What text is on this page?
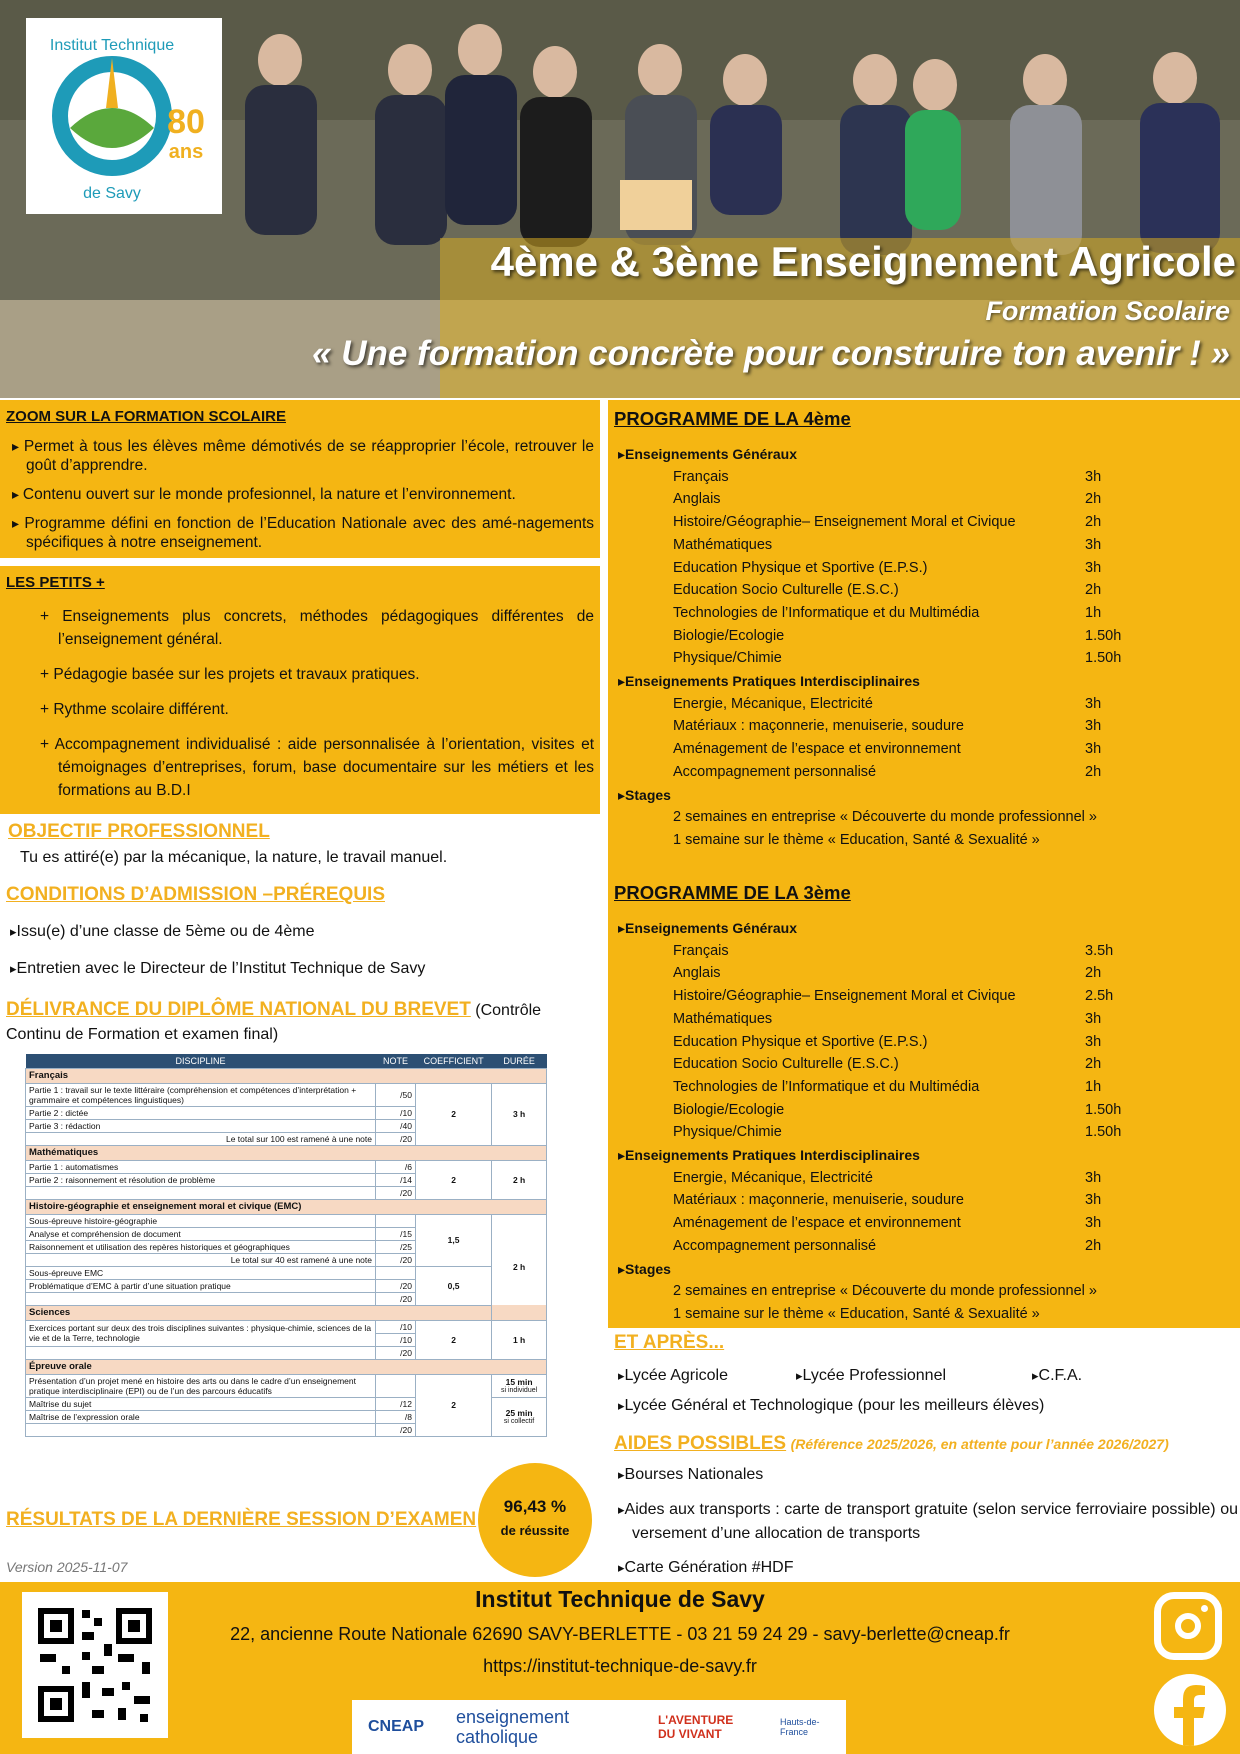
80
ans
Institut Technique
de Savy
4ème & 3ème Enseignement Agricole
Formation Scolaire
« Une formation concrète pour construire ton avenir ! »
ZOOM SUR LA FORMATION SCOLAIRE
▸ Permet à tous les élèves même démotivés de se réapproprier l’école, retrouver le goût d’apprendre.
▸ Contenu ouvert sur le monde profesionnel, la nature et l’environnement.
▸ Programme défini en fonction de l’Education Nationale avec des amé-nagements spécifiques à notre enseignement.
LES PETITS +
+ Enseignements plus concrets, méthodes pédagogiques différentes de l’enseignement général.
+ Pédagogie basée sur les projets et travaux pratiques.
+ Rythme scolaire différent.
+ Accompagnement individualisé : aide personnalisée à l’orientation, visites et témoignages d’entreprises, forum, base documentaire sur les métiers et les formations au B.D.I
OBJECTIF PROFESSIONNEL
Tu es attiré(e) par la mécanique, la nature, le travail manuel.
CONDITIONS D’ADMISSION –PRÉREQUIS
▸ Issu(e) d’une classe de 5ème ou de 4ème
▸ Entretien avec le Directeur de l’Institut Technique de Savy
DÉLIVRANCE DU DIPLÔME NATIONAL DU BREVET (Contrôle Continu de Formation et examen final)
DISCIPLINE	NOTE	COEFFICIENT	DURÉE
Français			
Partie 1 : travail sur le texte littéraire (compréhension et compétences d’interprétation + grammaire et compétences linguistiques)	/50	2	3 h
Partie 2 : dictée	/10		
Partie 3 : rédaction	/40		
Le total sur 100 est ramené à une note	/20		
Mathématiques			
Partie 1 : automatismes	/6	2	2 h
Partie 2 : raisonnement et résolution de problème	/14		
	/20		
Histoire-géographie et enseignement moral et civique (EMC)			
Sous-épreuve histoire-géographie		1,5	2 h
Analyse et compréhension de document	/15		
Raisonnement et utilisation des repères historiques et géographiques	/25		
Le total sur 40 est ramené à une note	/20		
Sous-épreuve EMC		0,5	
Problématique d’EMC à partir d’une situation pratique	/20		
	/20		
Sciences			
Exercices portant sur deux des trois disciplines suivantes : physique-chimie, sciences de la vie et de la Terre, technologie	/10	2	1 h
	/10		
	/20		
Épreuve orale			
Présentation d’un projet mené en histoire des arts ou dans le cadre d’un enseignement pratique interdisciplinaire (EPI) ou de l’un des parcours éducatifs		2	15 min
si individuel

Maîtrise du sujet	/12		25 min
si collectif

Maîtrise de l’expression orale	/8		
	/20		
RÉSULTATS DE LA DERNIÈRE SESSION D’EXAMEN
96,43 %
de réussite
Version 2025-11-07
PROGRAMME DE LA 4ème
▸ Enseignements Généraux
Français	3h
Anglais	2h
Histoire/Géographie– Enseignement Moral et Civique	2h
Mathématiques	3h
Education Physique et Sportive (E.P.S.)	3h
Education Socio Culturelle (E.S.C.)	2h
Technologies de l’Informatique et du Multimédia	1h
Biologie/Ecologie	1.50h
Physique/Chimie	1.50h
▸ Enseignements Pratiques Interdisciplinaires
Energie, Mécanique, Electricité	3h
Matériaux : maçonnerie, menuiserie, soudure	3h
Aménagement de l’espace et environnement	3h
Accompagnement personnalisé	2h
▸ Stages
2 semaines en entreprise « Découverte du monde professionnel »
1 semaine sur le thème « Education, Santé & Sexualité »
PROGRAMME DE LA 3ème
▸ Enseignements Généraux
Français	3.5h
Anglais	2h
Histoire/Géographie– Enseignement Moral et Civique	2.5h
Mathématiques	3h
Education Physique et Sportive (E.P.S.)	3h
Education Socio Culturelle (E.S.C.)	2h
Technologies de l’Informatique et du Multimédia	1h
Biologie/Ecologie	1.50h
Physique/Chimie	1.50h
▸ Enseignements Pratiques Interdisciplinaires
Energie, Mécanique, Electricité	3h
Matériaux : maçonnerie, menuiserie, soudure	3h
Aménagement de l’espace et environnement	3h
Accompagnement personnalisé	2h
▸ Stages
2 semaines en entreprise « Découverte du monde professionnel »
1 semaine sur le thème « Education, Santé & Sexualité »
ET APRÈS...
▸ Lycée Agricole	▸ Lycée Professionnel	▸ C.F.A.
▸ Lycée Général et Technologique (pour les meilleurs élèves)
AIDES POSSIBLES (Référence 2025/2026, en attente pour l’année 2026/2027)
▸ Bourses Nationales
▸ Aides aux transports : carte de transport gratuite (selon service ferroviaire possible) ou versement d’une allocation de transports
▸ Carte Génération #HDF
Institut Technique de Savy
22, ancienne Route Nationale 62690 SAVY-BERLETTE - 03 21 59 24 29 - savy-berlette@cneap.fr
https://institut-technique-de-savy.fr
CNEAP enseignement catholique
L'AVENTURE DU VIVANT
Hauts-de-France
